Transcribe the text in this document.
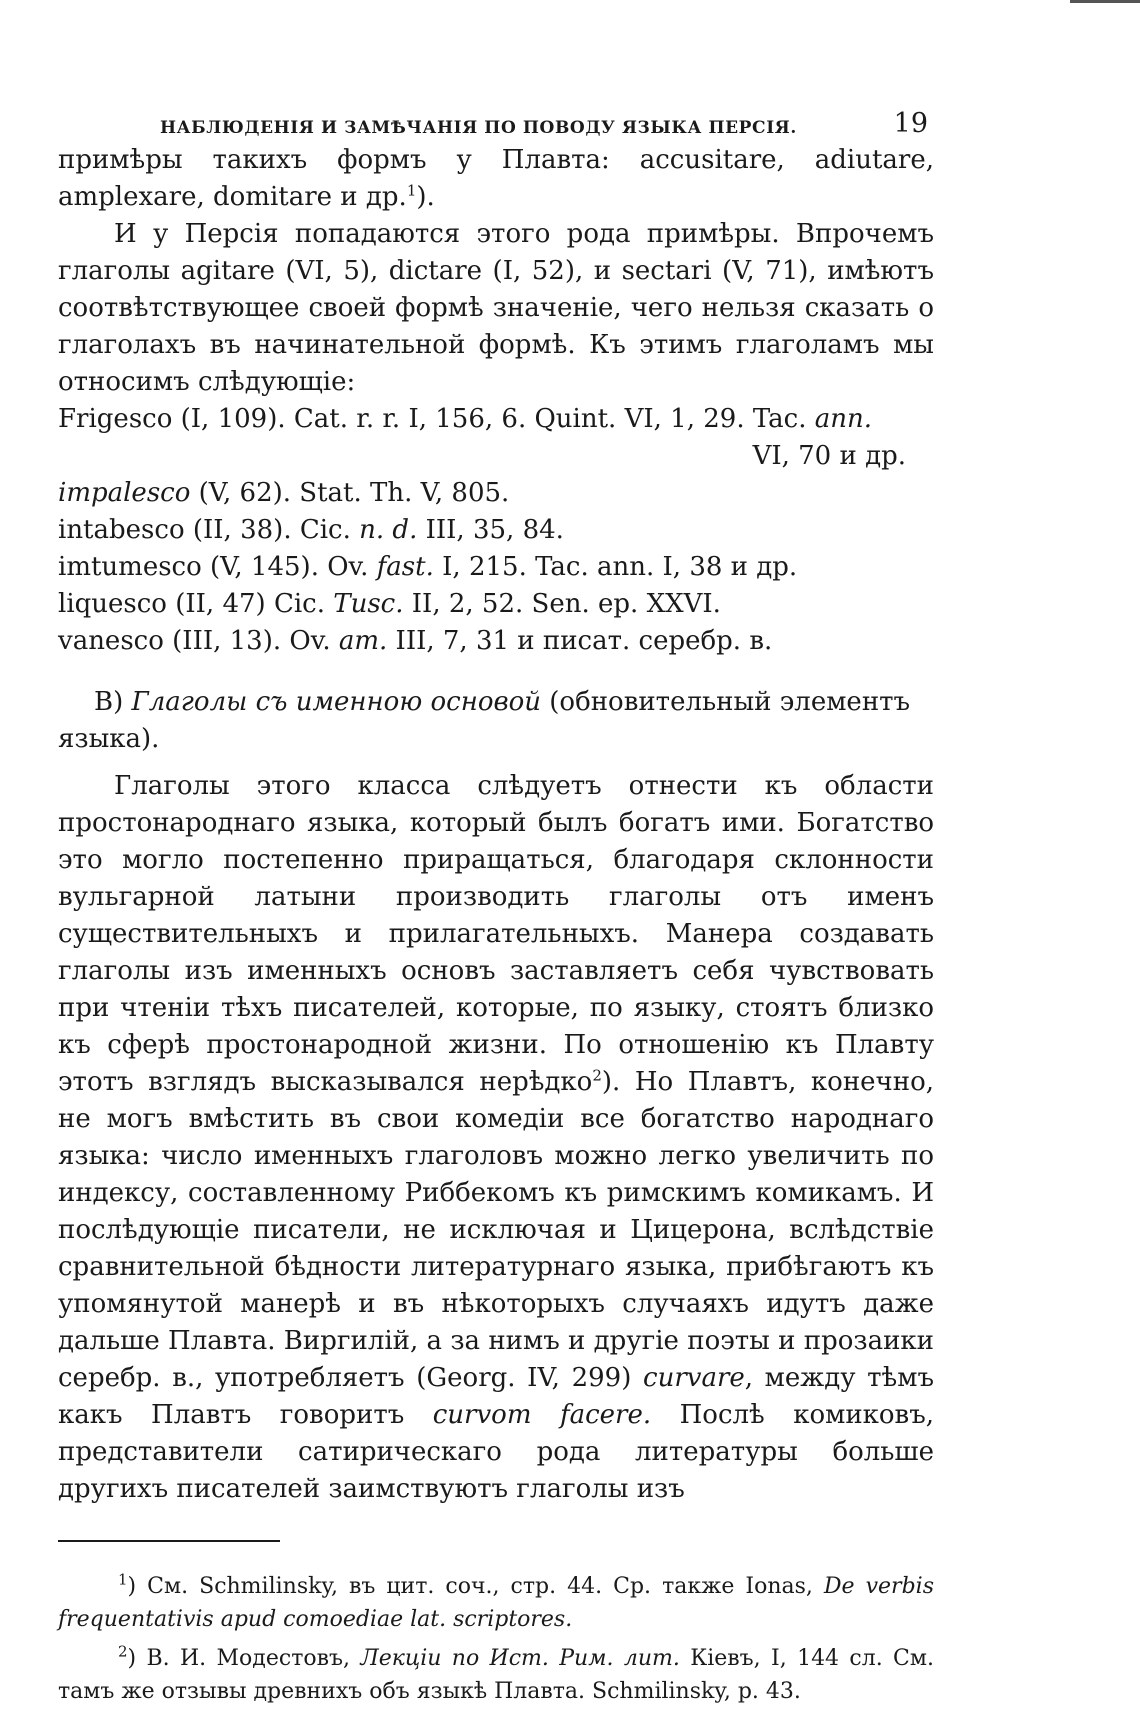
НАБЛЮДЕНІЯ И ЗАМѢЧАНІЯ ПО ПОВОДУ ЯЗЫКА ПЕРСІЯ.	19

примѣры такихъ формъ у Плавта: accusitare, adiutare, amplexare, domitare и др.$^1$).

И у Персія попадаются этого рода примѣры. Впрочемъ глаголы agitare (VI, 5), dictare (I, 52), и sectari (V, 71), имѣютъ соотвѣтствующее своей формѣ значеніе, чего нельзя сказать о глаголахъ въ начинательной формѣ. Къ этимъ глаголамъ мы относимъ слѣдующіе:

Frigesco (I, 109). Cat. r. r. I, 156, 6. Quint. VI, 1, 29. Tac. ann.
VI, 70 и др.
impalesco (V, 62). Stat. Th. V, 805.
intabesco (II, 38). Cic. n. d. III, 35, 84.
imtumesco (V, 145). Ov. fast. I, 215. Tac. ann. I, 38 и др.
liquesco (II, 47) Cic. Tusc. II, 2, 52. Sen. ep. XXVI.
vanesco (III, 13). Ov. am. III, 7, 31 и писат. серебр. в.
B) Глаголы съ именною основой (обновительный элементъ языка).

Глаголы этого класса слѣдуетъ отнести къ области простонароднаго языка, который былъ богатъ ими. Богатство это могло постепенно приращаться, благодаря склонности вульгарной латыни производить глаголы отъ именъ существительныхъ и прилагательныхъ. Манера создавать глаголы изъ именныхъ основъ заставляетъ себя чувствовать при чтеніи тѣхъ писателей, которые, по языку, стоятъ близко къ сферѣ простонародной жизни. По отношенію къ Плавту этотъ взглядъ высказывался нерѣдко$^2$). Но Плавтъ, конечно, не могъ вмѣстить въ свои комедіи все богатство народнаго языка: число именныхъ глаголовъ можно легко увеличить по индексу, составленному Риббекомъ къ римскимъ комикамъ. И послѣдующіе писатели, не исключая и Цицерона, вслѣдствіе сравнительной бѣдности литературнаго языка, прибѣгаютъ къ упомянутой манерѣ и въ нѣкоторыхъ случаяхъ идутъ даже дальше Плавта. Виргилій, а за нимъ и другіе поэты и прозаики серебр. в., употребляетъ (Georg. IV, 299) curvare, между тѣмъ какъ Плавтъ говоритъ curvom facere. Послѣ комиковъ, представители сатирическаго рода литературы больше другихъ писателей заимствуютъ глаголы изъ

$^1$) См. Schmilinsky, въ цит. соч., стр. 44. Ср. также Ionas, De verbis frequentativis apud comoediae lat. scriptores.

$^2$) В. И. Модестовъ, Лекціи по Ист. Рим. лит. Кіевъ, I, 144 сл. См. тамъ же отзывы древнихъ объ языкѣ Плавта. Schmilinsky, p. 43.
